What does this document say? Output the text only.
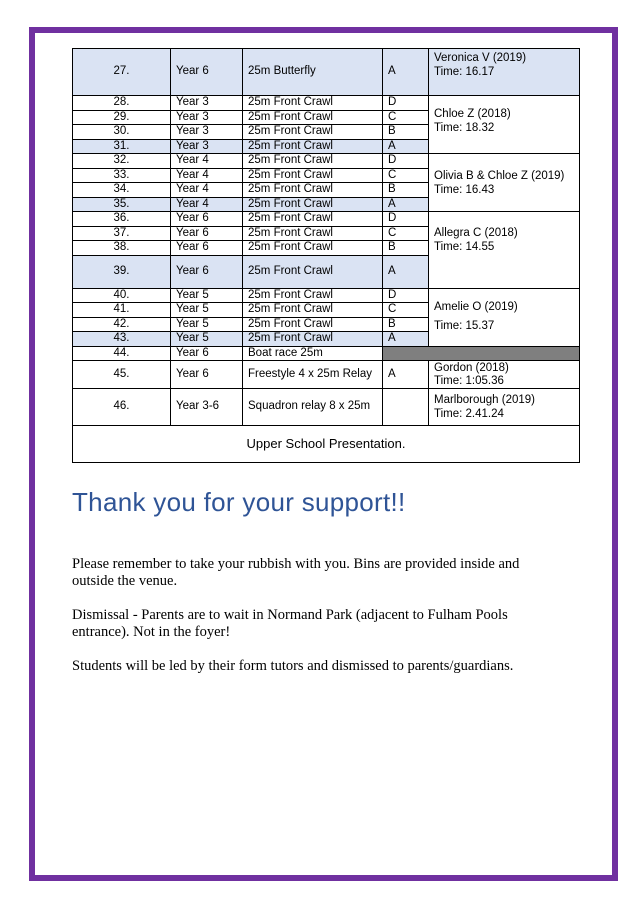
27.	Year 6	25m Butterfly	A	Veronica V (2019)
Time: 16.17

28.	Year 3	25m Front Crawl	D	Chloe Z (2018)
Time: 18.32

29.	Year 3	25m Front Crawl	C	
30.	Year 3	25m Front Crawl	B	
31.	Year 3	25m Front Crawl	A	
32.	Year 4	25m Front Crawl	D	Olivia B & Chloe Z (2019)
Time: 16.43

33.	Year 4	25m Front Crawl	C	
34.	Year 4	25m Front Crawl	B	
35.	Year 4	25m Front Crawl	A	
36.	Year 6	25m Front Crawl	D	Allegra C (2018)
Time: 14.55

37.	Year 6	25m Front Crawl	C	
38.	Year 6	25m Front Crawl	B	
39.	Year 6	25m Front Crawl	A	
40.	Year 5	25m Front Crawl	D	Amelie O (2019)
Time: 15.37

41.	Year 5	25m Front Crawl	C	
42.	Year 5	25m Front Crawl	B	
43.	Year 5	25m Front Crawl	A	
44.	Year 6	Boat race 25m		
45.	Year 6	Freestyle 4 x 25m Relay	A	Gordon (2018)
Time: 1:05.36

46.	Year 3-6	Squadron relay 8 x 25m		Marlborough (2019)
Time: 2.41.24

Upper School Presentation.				
Thank you for your support!!

Please remember to take your rubbish with you. Bins are provided inside and outside the venue.

Dismissal - Parents are to wait in Normand Park (adjacent to Fulham Pools entrance). Not in the foyer!

Students will be led by their form tutors and dismissed to parents/guardians.
